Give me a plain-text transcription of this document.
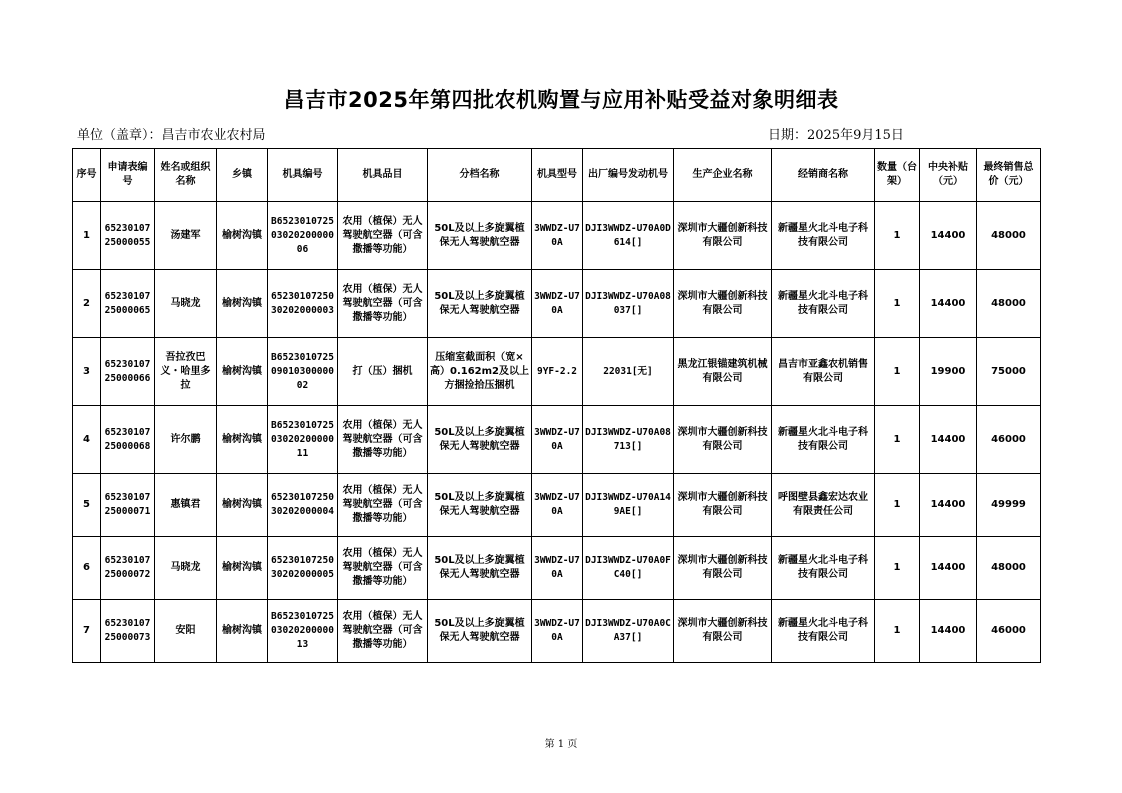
昌吉市2025年第四批农机购置与应用补贴受益对象明细表
单位（盖章）：昌吉市农业农村局	日期：2025年9月15日
序号	申请表编号	姓名或组织名称	乡镇	机具编号	机具品目	分档名称	机具型号	出厂编号发动机号	生产企业名称	经销商名称	数量（台架）	中央补贴（元）	最终销售总价（元）
1	6523010725000055	汤建军	榆树沟镇	B65230107250302020000006	农用（植保）无人驾驶航空器（可含撒播等功能）	50L及以上多旋翼植保无人驾驶航空器	3WWDZ-U70A	DJI3WWDZ-U70A0D614[]	深圳市大疆创新科技有限公司	新疆星火北斗电子科技有限公司	1	14400	48000
2	6523010725000065	马晓龙	榆树沟镇	6523010725030202000003	农用（植保）无人驾驶航空器（可含撒播等功能）	50L及以上多旋翼植保无人驾驶航空器	3WWDZ-U70A	DJI3WWDZ-U70A08037[]	深圳市大疆创新科技有限公司	新疆星火北斗电子科技有限公司	1	14400	48000
3	6523010725000066	吾拉孜巴义・哈里多拉	榆树沟镇	B65230107250901030000002	打（压）捆机	压缩室截面积（宽×高）0.162m2及以上方捆捡拾压捆机	9YF-2.2	22031[无]	黑龙江银锚建筑机械有限公司	昌吉市亚鑫农机销售有限公司	1	19900	75000
4	6523010725000068	许尔鹏	榆树沟镇	B65230107250302020000011	农用（植保）无人驾驶航空器（可含撒播等功能）	50L及以上多旋翼植保无人驾驶航空器	3WWDZ-U70A	DJI3WWDZ-U70A08713[]	深圳市大疆创新科技有限公司	新疆星火北斗电子科技有限公司	1	14400	46000
5	6523010725000071	惠镇君	榆树沟镇	6523010725030202000004	农用（植保）无人驾驶航空器（可含撒播等功能）	50L及以上多旋翼植保无人驾驶航空器	3WWDZ-U70A	DJI3WWDZ-U70A149AE[]	深圳市大疆创新科技有限公司	呼图壁县鑫宏达农业有限责任公司	1	14400	49999
6	6523010725000072	马晓龙	榆树沟镇	6523010725030202000005	农用（植保）无人驾驶航空器（可含撒播等功能）	50L及以上多旋翼植保无人驾驶航空器	3WWDZ-U70A	DJI3WWDZ-U70A0FC40[]	深圳市大疆创新科技有限公司	新疆星火北斗电子科技有限公司	1	14400	48000
7	6523010725000073	安阳	榆树沟镇	B65230107250302020000013	农用（植保）无人驾驶航空器（可含撒播等功能）	50L及以上多旋翼植保无人驾驶航空器	3WWDZ-U70A	DJI3WWDZ-U70A0CA37[]	深圳市大疆创新科技有限公司	新疆星火北斗电子科技有限公司	1	14400	46000
第 1 页
